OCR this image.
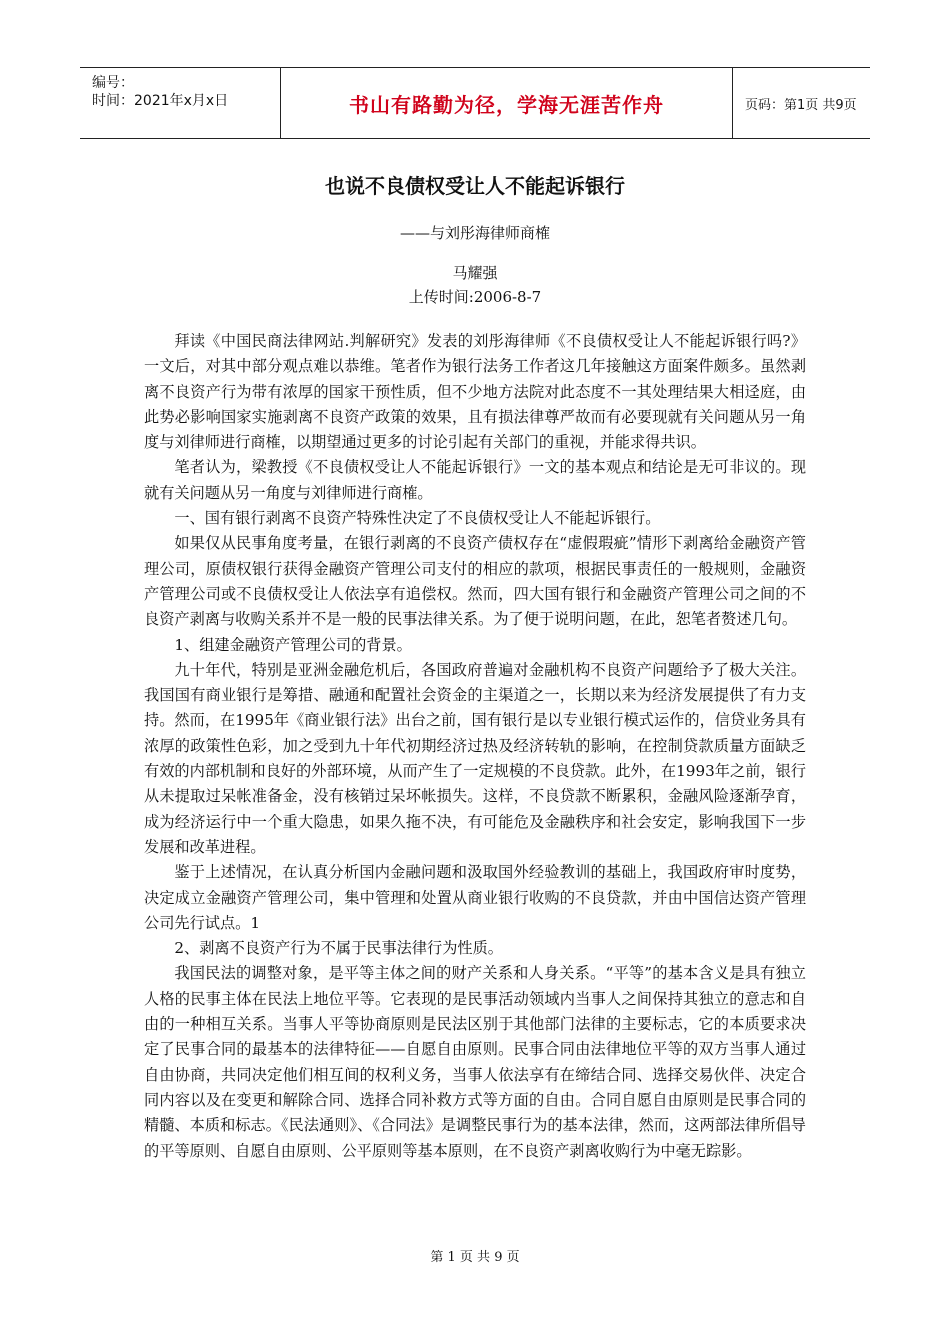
编号：
时间：2021年x月x日	书山有路勤为径，学海无涯苦作舟	页码：第1页 共9页
也说不良债权受让人不能起诉银行
——与刘彤海律师商榷
马耀强
上传时间:2006-8-7

拜读《中国民商法律网站.判解研究》发表的刘彤海律师《不良债权受让人不能起诉银行吗?》一文后，对其中部分观点难以恭维。笔者作为银行法务工作者这几年接触这方面案件颇多。虽然剥离不良资产行为带有浓厚的国家干预性质，但不少地方法院对此态度不一其处理结果大相迳庭，由此势必影响国家实施剥离不良资产政策的效果，且有损法律尊严故而有必要现就有关问题从另一角度与刘律师进行商榷，以期望通过更多的讨论引起有关部门的重视，并能求得共识。

笔者认为，梁教授《不良债权受让人不能起诉银行》一文的基本观点和结论是无可非议的。现就有关问题从另一角度与刘律师进行商榷。

一、国有银行剥离不良资产特殊性决定了不良债权受让人不能起诉银行。

如果仅从民事角度考量，在银行剥离的不良资产债权存在“虚假瑕疵”情形下剥离给金融资产管理公司，原债权银行获得金融资产管理公司支付的相应的款项，根据民事责任的一般规则，金融资产管理公司或不良债权受让人依法享有追偿权。然而，四大国有银行和金融资产管理公司之间的不良资产剥离与收购关系并不是一般的民事法律关系。为了便于说明问题，在此，恕笔者赘述几句。

1、组建金融资产管理公司的背景。

九十年代，特别是亚洲金融危机后，各国政府普遍对金融机构不良资产问题给予了极大关注。我国国有商业银行是筹措、融通和配置社会资金的主渠道之一，长期以来为经济发展提供了有力支持。然而，在1995年《商业银行法》出台之前，国有银行是以专业银行模式运作的，信贷业务具有浓厚的政策性色彩，加之受到九十年代初期经济过热及经济转轨的影响，在控制贷款质量方面缺乏有效的内部机制和良好的外部环境，从而产生了一定规模的不良贷款。此外，在1993年之前，银行从未提取过呆帐准备金，没有核销过呆坏帐损失。这样，不良贷款不断累积，金融风险逐渐孕育，成为经济运行中一个重大隐患，如果久拖不决，有可能危及金融秩序和社会安定，影响我国下一步发展和改革进程。

鉴于上述情况，在认真分析国内金融问题和汲取国外经验教训的基础上，我国政府审时度势，决定成立金融资产管理公司，集中管理和处置从商业银行收购的不良贷款，并由中国信达资产管理公司先行试点。1

2、剥离不良资产行为不属于民事法律行为性质。

我国民法的调整对象，是平等主体之间的财产关系和人身关系。“平等”的基本含义是具有独立人格的民事主体在民法上地位平等。它表现的是民事活动领域内当事人之间保持其独立的意志和自由的一种相互关系。当事人平等协商原则是民法区别于其他部门法律的主要标志，它的本质要求决定了民事合同的最基本的法律特征——自愿自由原则。民事合同由法律地位平等的双方当事人通过自由协商，共同决定他们相互间的权利义务，当事人依法享有在缔结合同、选择交易伙伴、决定合同内容以及在变更和解除合同、选择合同补救方式等方面的自由。合同自愿自由原则是民事合同的精髓、本质和标志。《民法通则》、《合同法》是调整民事行为的基本法律，然而，这两部法律所倡导的平等原则、自愿自由原则、公平原则等基本原则，在不良资产剥离收购行为中毫无踪影。

第 1 页 共 9 页
